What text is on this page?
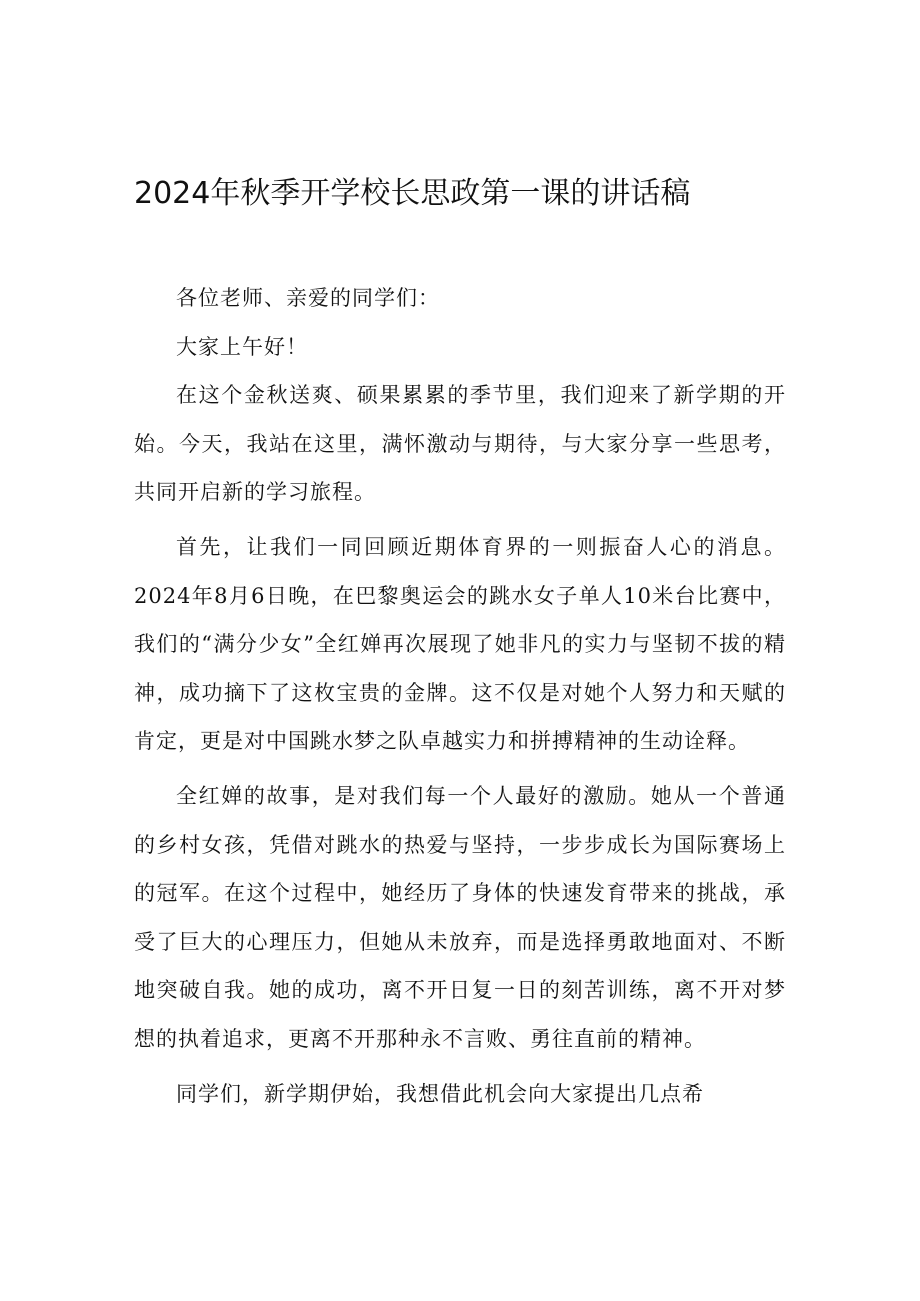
2024年秋季开学校长思政第一课的讲话稿

各位老师、亲爱的同学们：

大家上午好！

在这个金秋送爽、硕果累累的季节里，我们迎来了新学期的开始。今天，我站在这里，满怀激动与期待，与大家分享一些思考，共同开启新的学习旅程。

首先，让我们一同回顾近期体育界的一则振奋人心的消息。2024年8月6日晚，在巴黎奥运会的跳水女子单人10米台比赛中，我们的“满分少女”全红婵再次展现了她非凡的实力与坚韧不拔的精神，成功摘下了这枚宝贵的金牌。这不仅是对她个人努力和天赋的肯定，更是对中国跳水梦之队卓越实力和拼搏精神的生动诠释。

全红婵的故事，是对我们每一个人最好的激励。她从一个普通的乡村女孩，凭借对跳水的热爱与坚持，一步步成长为国际赛场上的冠军。在这个过程中，她经历了身体的快速发育带来的挑战，承受了巨大的心理压力，但她从未放弃，而是选择勇敢地面对、不断地突破自我。她的成功，离不开日复一日的刻苦训练，离不开对梦想的执着追求，更离不开那种永不言败、勇往直前的精神。

同学们，新学期伊始，我想借此机会向大家提出几点希
